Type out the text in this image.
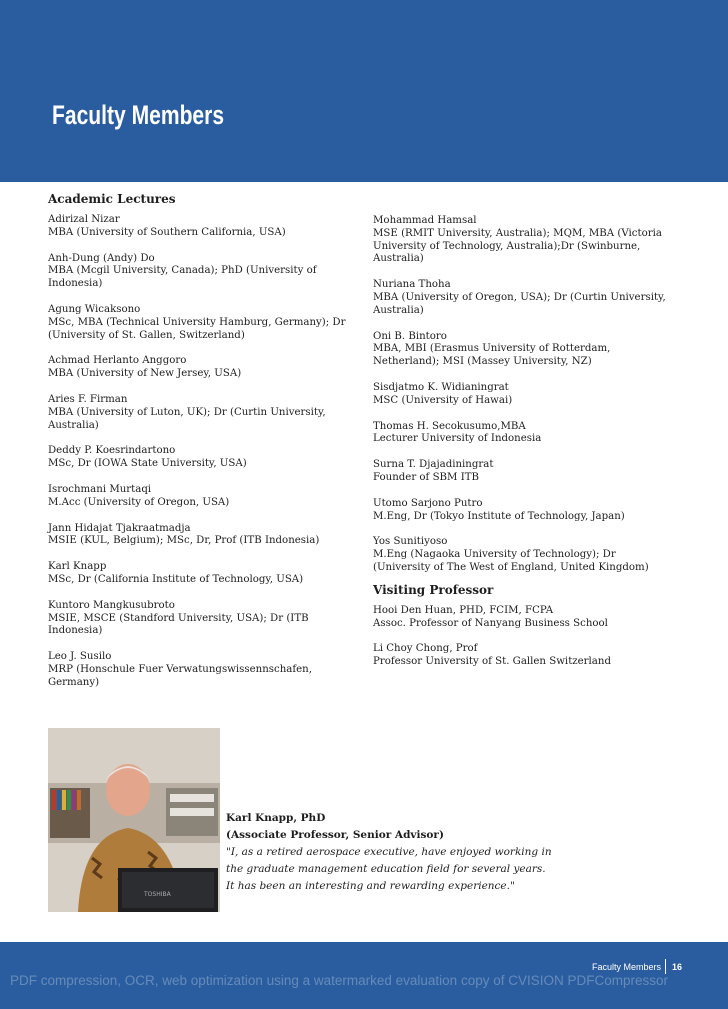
Faculty Members
Academic Lectures
Adirizal Nizar
MBA (University of Southern California, USA)
Anh-Dung (Andy) Do
MBA (Mcgil University, Canada); PhD (University of Indonesia)
Agung Wicaksono
MSc, MBA (Technical University Hamburg, Germany); Dr (University of St. Gallen, Switzerland)
Achmad Herlanto Anggoro
MBA (University of New Jersey, USA)
Aries F. Firman
MBA (University of Luton, UK); Dr (Curtin University, Australia)
Deddy P. Koesrindartono
MSc, Dr (IOWA State University, USA)
Isrochmani Murtaqi
M.Acc (University of Oregon, USA)
Jann Hidajat Tjakraatmadja
MSIE (KUL, Belgium); MSc, Dr, Prof (ITB Indonesia)
Karl Knapp
MSc, Dr (California Institute of Technology, USA)
Kuntoro Mangkusubroto
MSIE, MSCE (Standford University, USA); Dr (ITB Indonesia)
Leo J. Susilo
MRP (Honschule Fuer Verwatungswissennschafen, Germany)
Mohammad Hamsal
MSE (RMIT University, Australia); MQM, MBA (Victoria University of Technology, Australia);Dr (Swinburne, Australia)
Nuriana Thoha
MBA (University of Oregon, USA); Dr (Curtin University, Australia)
Oni B. Bintoro
MBA, MBI (Erasmus University of Rotterdam, Netherland); MSI (Massey University, NZ)
Sisdjatmo K. Widianingrat
MSC (University of Hawai)
Thomas H. Secokusumo,MBA
Lecturer University of Indonesia
Surna T. Djajadiningrat
Founder of SBM ITB
Utomo Sarjono Putro
M.Eng, Dr (Tokyo Institute of Technology, Japan)
Yos Sunitiyoso
M.Eng (Nagaoka University of Technology); Dr (University of The West of England, United Kingdom)
Visiting Professor
Hooi Den Huan, PHD, FCIM, FCPA
Assoc. Professor of Nanyang Business School
Li Choy Chong, Prof
Professor University of St. Gallen Switzerland
TOSHIBA
Karl Knapp, PhD
(Associate Professor, Senior Advisor)
"I, as a retired aerospace executive, have enjoyed working in the graduate management education field for several years. It has been an interesting and rewarding experience."
Faculty Members 16
PDF compression, OCR, web optimization using a watermarked evaluation copy of CVISION PDFCompressor
